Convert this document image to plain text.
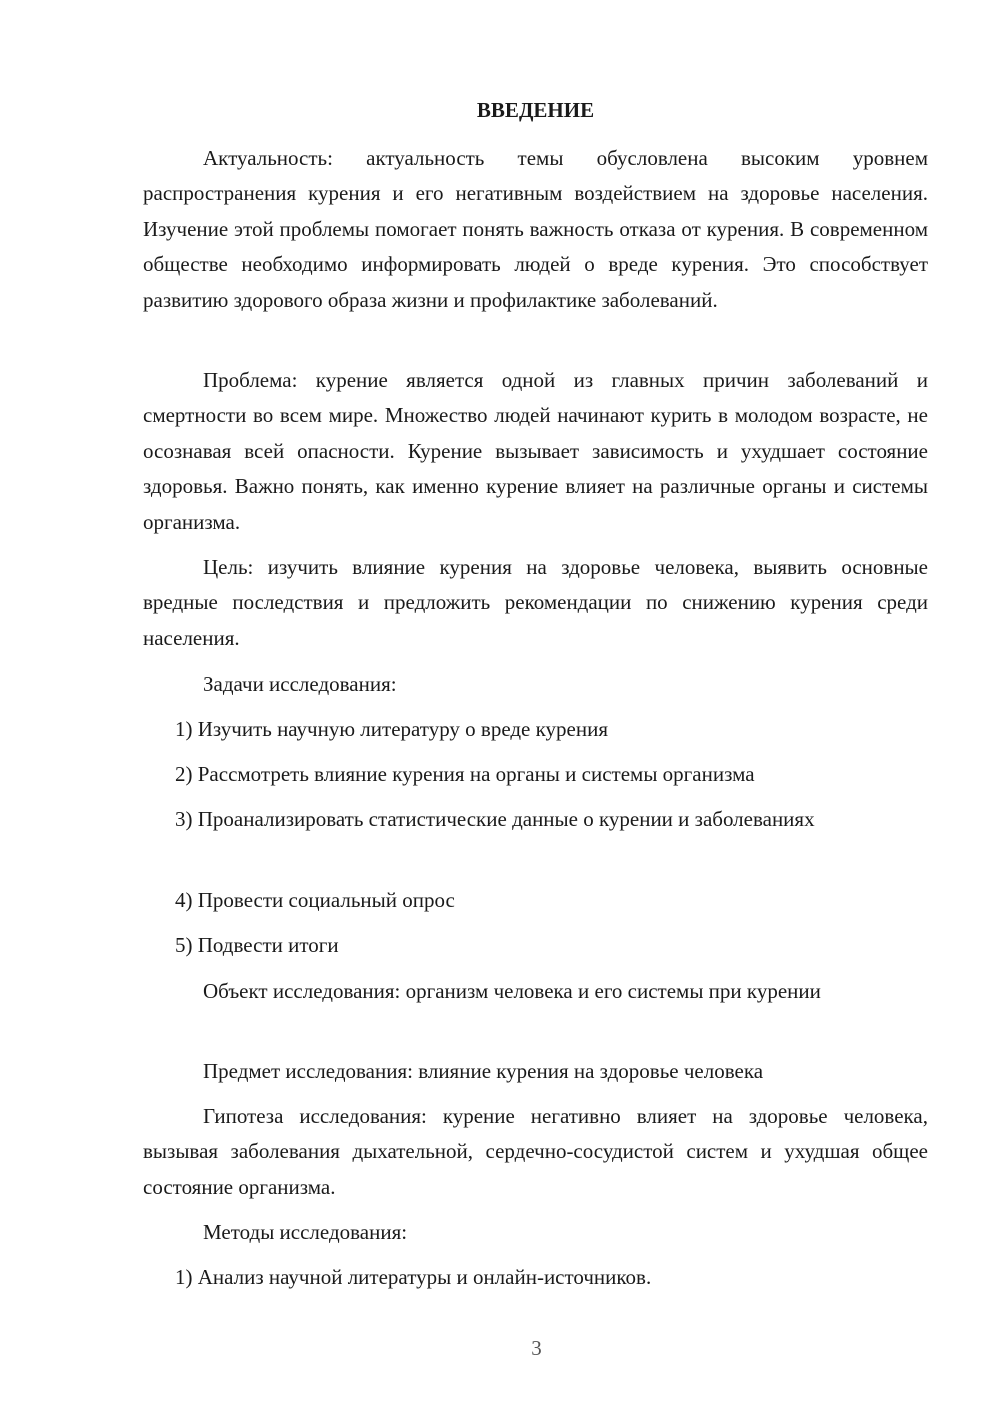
ВВЕДЕНИЕ

Актуальность: актуальность темы обусловлена высоким уровнем распространения курения и его негативным воздействием на здоровье населения. Изучение этой проблемы помогает понять важность отказа от курения. В современном обществе необходимо информировать людей о вреде курения. Это способствует развитию здорового образа жизни и профилактике заболеваний.

Проблема: курение является одной из главных причин заболеваний и смертности во всем мире. Множество людей начинают курить в молодом возрасте, не осознавая всей опасности. Курение вызывает зависимость и ухудшает состояние здоровья. Важно понять, как именно курение влияет на различные органы и системы организма.

Цель: изучить влияние курения на здоровье человека, выявить основные вредные последствия и предложить рекомендации по снижению курения среди населения.

Задачи исследования:

1) Изучить научную литературу о вреде курения

2) Рассмотреть влияние курения на органы и системы организма

3) Проанализировать статистические данные о курении и заболеваниях

4) Провести социальный опрос

5) Подвести итоги

Объект исследования: организм человека и его системы при курении

Предмет исследования: влияние курения на здоровье человека

Гипотеза исследования: курение негативно влияет на здоровье человека, вызывая заболевания дыхательной, сердечно-сосудистой систем и ухудшая общее состояние организма.

Методы исследования:

1) Анализ научной литературы и онлайн-источников.

3
